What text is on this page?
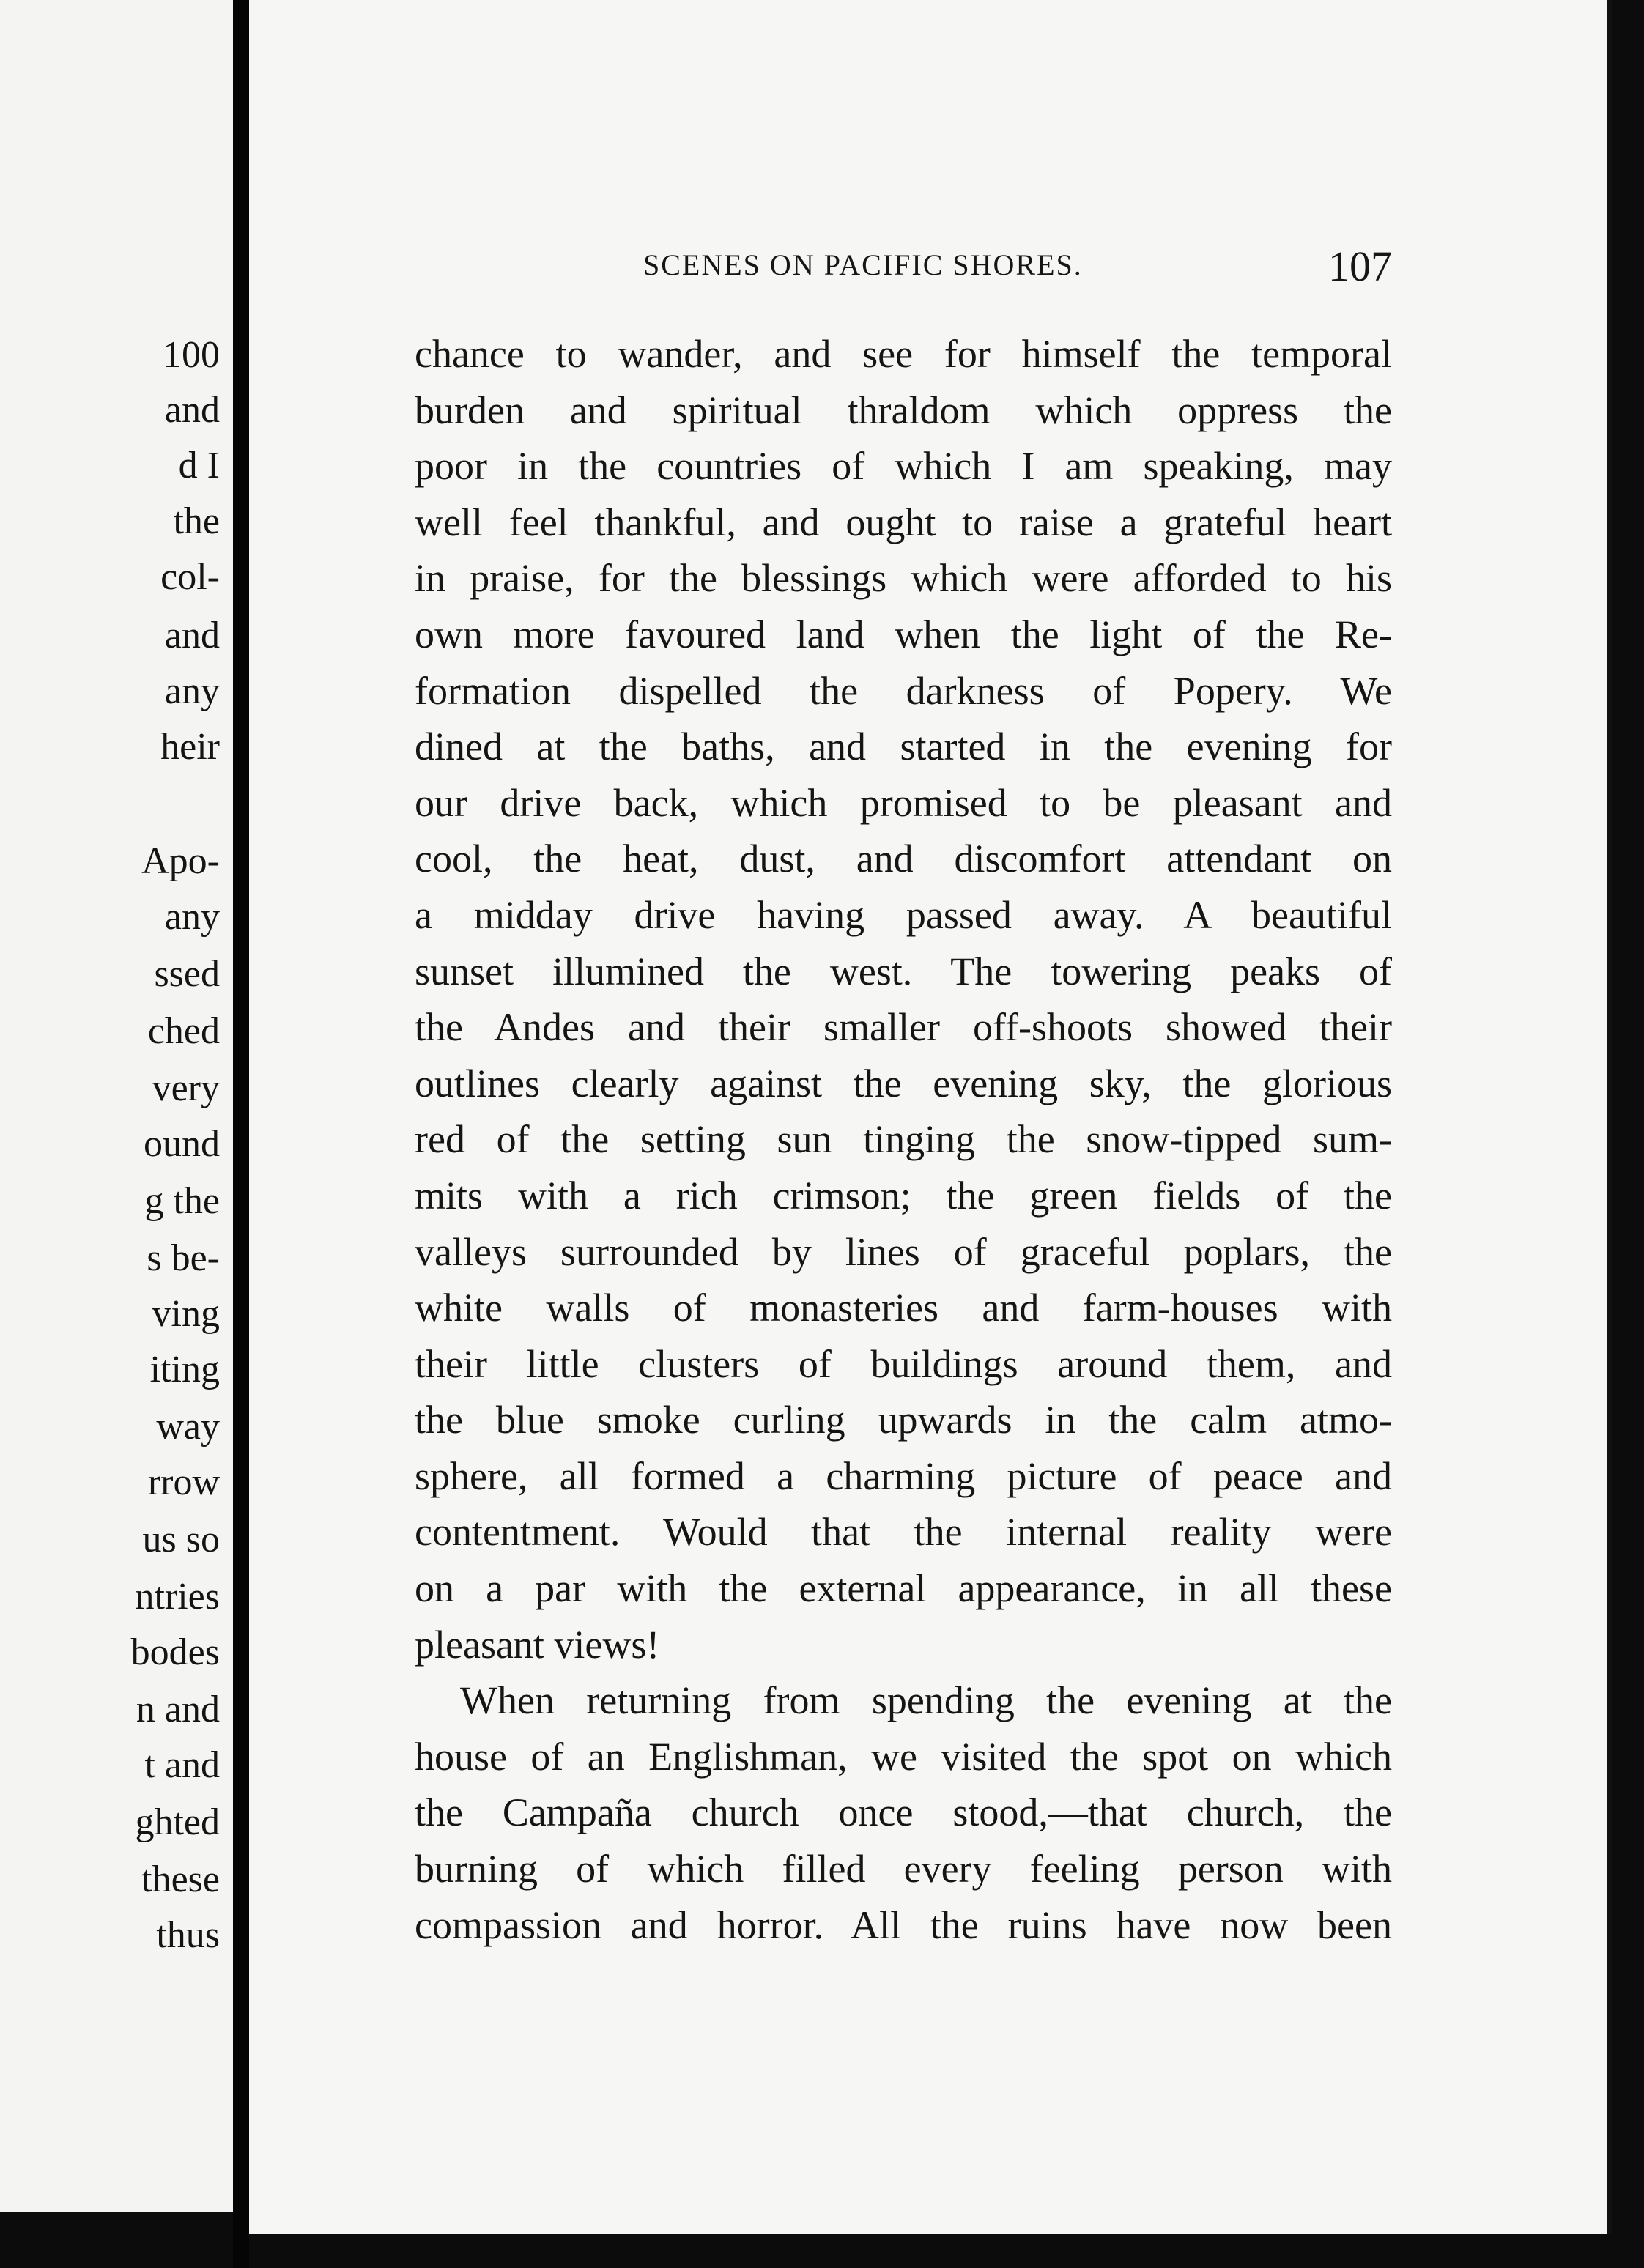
100
and
d I
the
col-
and
any
heir
Apo-
any
ssed
ched
very
ound
g the
s be-
ving
iting
way
rrow
us so
ntries
bodes
n and
t and
ghted
these
thus
SCENES ON PACIFIC SHORES.	107
chance to wander, and see for himself the temporal
burden and spiritual thraldom which oppress the
poor in the countries of which I am speaking, may
well feel thankful, and ought to raise a grateful heart
in praise, for the blessings which were afforded to his
own more favoured land when the light of the Re-
formation dispelled the darkness of Popery. We
dined at the baths, and started in the evening for
our drive back, which promised to be pleasant and
cool, the heat, dust, and discomfort attendant on
a midday drive having passed away. A beautiful
sunset illumined the west. The towering peaks of
the Andes and their smaller off-shoots showed their
outlines clearly against the evening sky, the glorious
red of the setting sun tinging the snow-tipped sum-
mits with a rich crimson; the green fields of the
valleys surrounded by lines of graceful poplars, the
white walls of monasteries and farm-houses with
their little clusters of buildings around them, and
the blue smoke curling upwards in the calm atmo-
sphere, all formed a charming picture of peace and
contentment. Would that the internal reality were
on a par with the external appearance, in all these
pleasant views!
When returning from spending the evening at the
house of an Englishman, we visited the spot on which
the Campaña church once stood,—that church, the
burning of which filled every feeling person with
compassion and horror. All the ruins have now been
